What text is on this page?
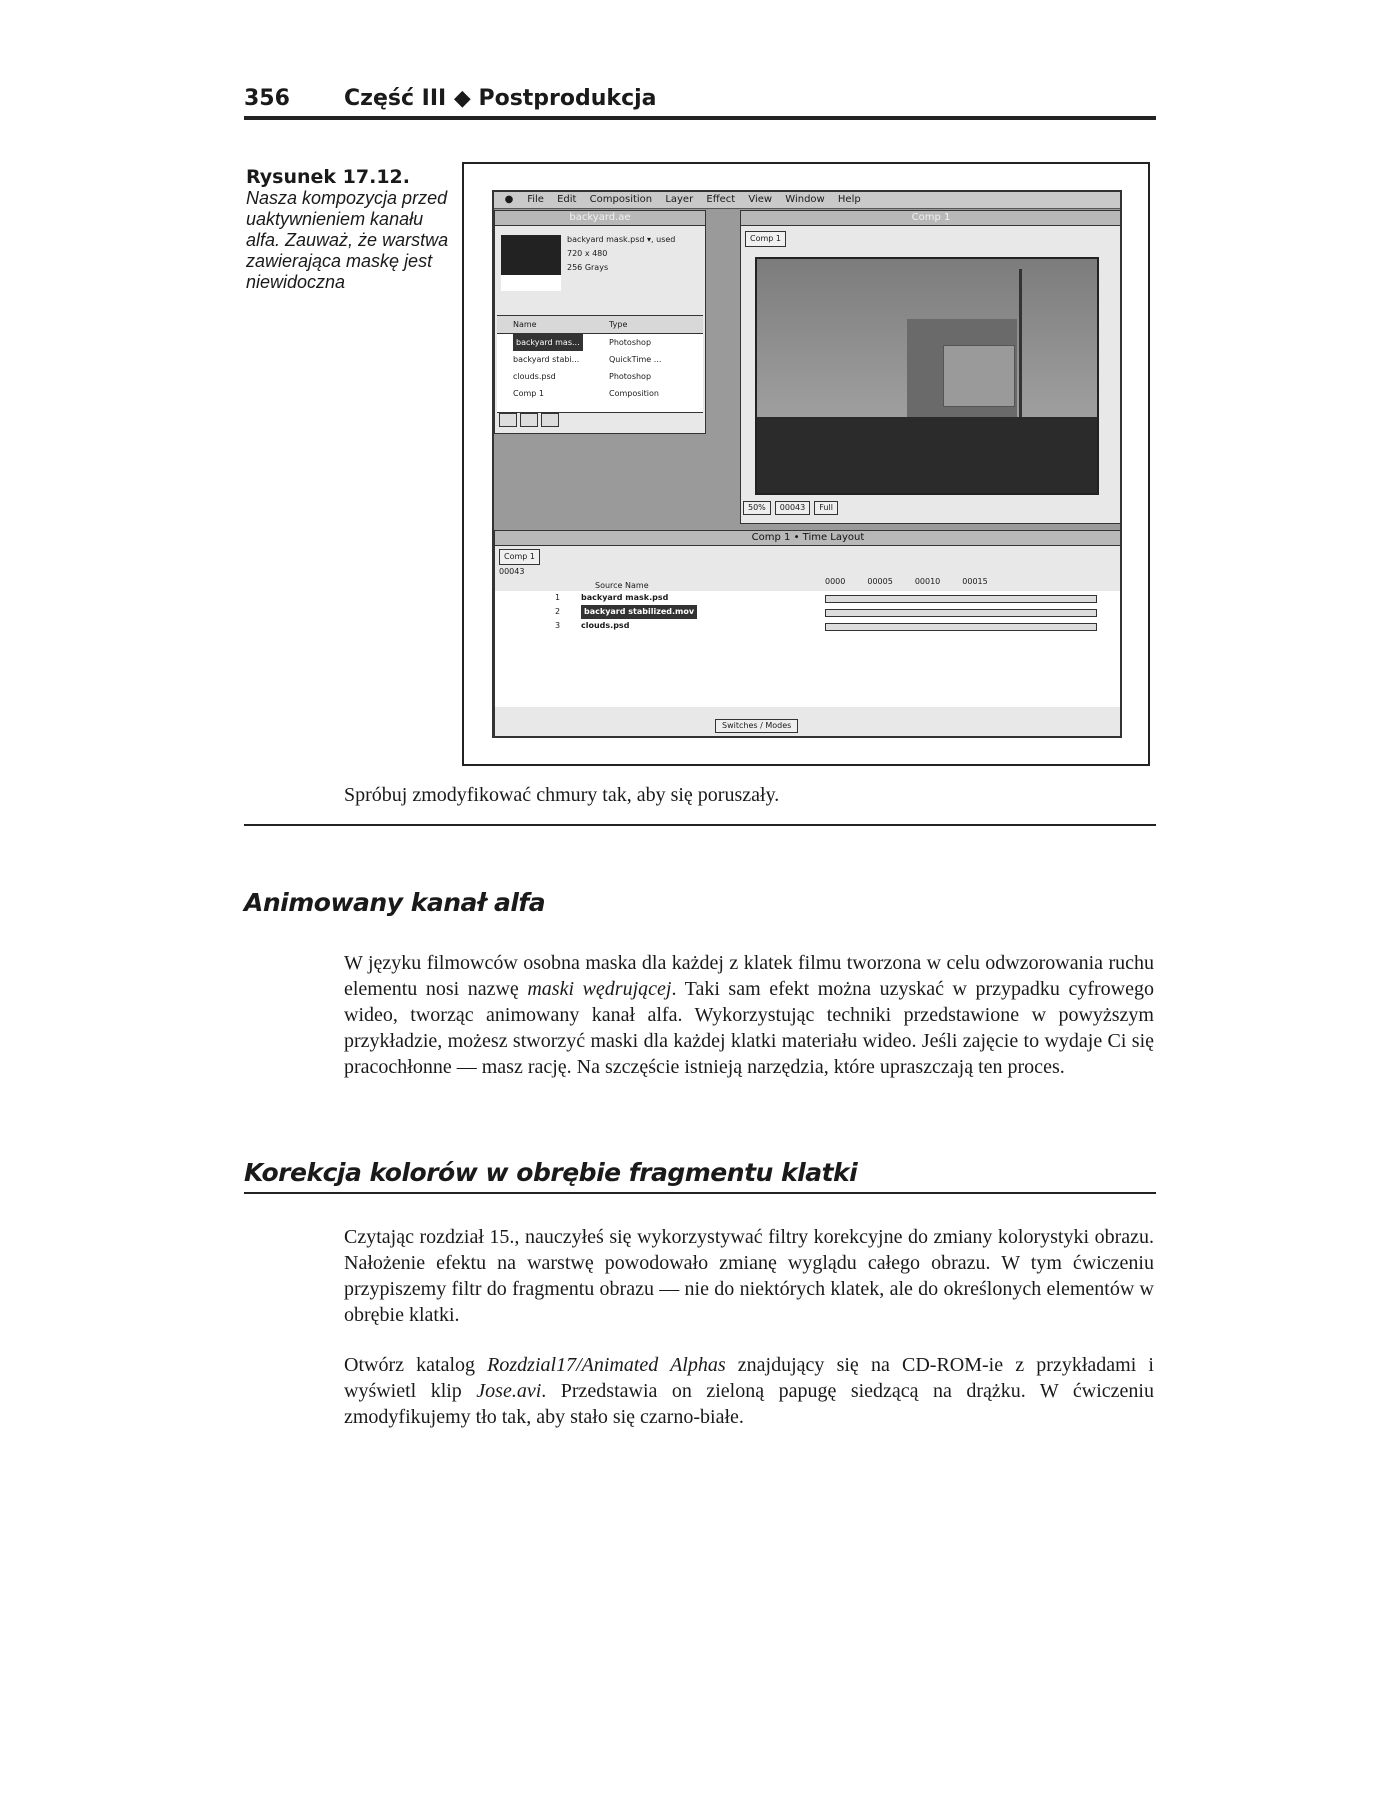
356 Część III ◆ Postprodukcja
Rysunek 17.12.
Nasza kompozycja przed uaktywnieniem kanału alfa. Zauważ, że warstwa zawierająca maskę jest niewidoczna
● File Edit Composition Layer Effect View Window Help
backyard.ae
backyard mask.psd ▾, used
720 x 480
256 Grays
Name	Type
backyard mas...	Photoshop
backyard stabi...	QuickTime ...
clouds.psd	Photoshop
Comp 1	Composition
Comp 1
Comp 1
50% 00043 Full
Comp 1 • Time Layout
Comp 1
00043
Source Name	0000	00005	00010	00015
1	backyard mask.psd
2	backyard stabilized.mov
3	clouds.psd
Switches / Modes
Spróbuj zmodyfikować chmury tak, aby się poruszały.
Animowany kanał alfa

W języku filmowców osobna maska dla każdej z klatek filmu tworzona w celu odwzorowania ruchu elementu nosi nazwę maski wędrującej. Taki sam efekt można uzyskać w przypadku cyfrowego wideo, tworząc animowany kanał alfa. Wykorzystując techniki przedstawione w powyższym przykładzie, możesz stworzyć maski dla każdej klatki materiału wideo. Jeśli zajęcie to wydaje Ci się pracochłonne — masz rację. Na szczęście istnieją narzędzia, które upraszczają ten proces.

Korekcja kolorów w obrębie fragmentu klatki

Czytając rozdział 15., nauczyłeś się wykorzystywać filtry korekcyjne do zmiany kolorystyki obrazu. Nałożenie efektu na warstwę powodowało zmianę wyglądu całego obrazu. W tym ćwiczeniu przypiszemy filtr do fragmentu obrazu — nie do niektórych klatek, ale do określonych elementów w obrębie klatki.

Otwórz katalog Rozdzial17/Animated Alphas znajdujący się na CD-ROM-ie z przykładami i wyświetl klip Jose.avi. Przedstawia on zieloną papugę siedzącą na drążku. W ćwiczeniu zmodyfikujemy tło tak, aby stało się czarno-białe.
